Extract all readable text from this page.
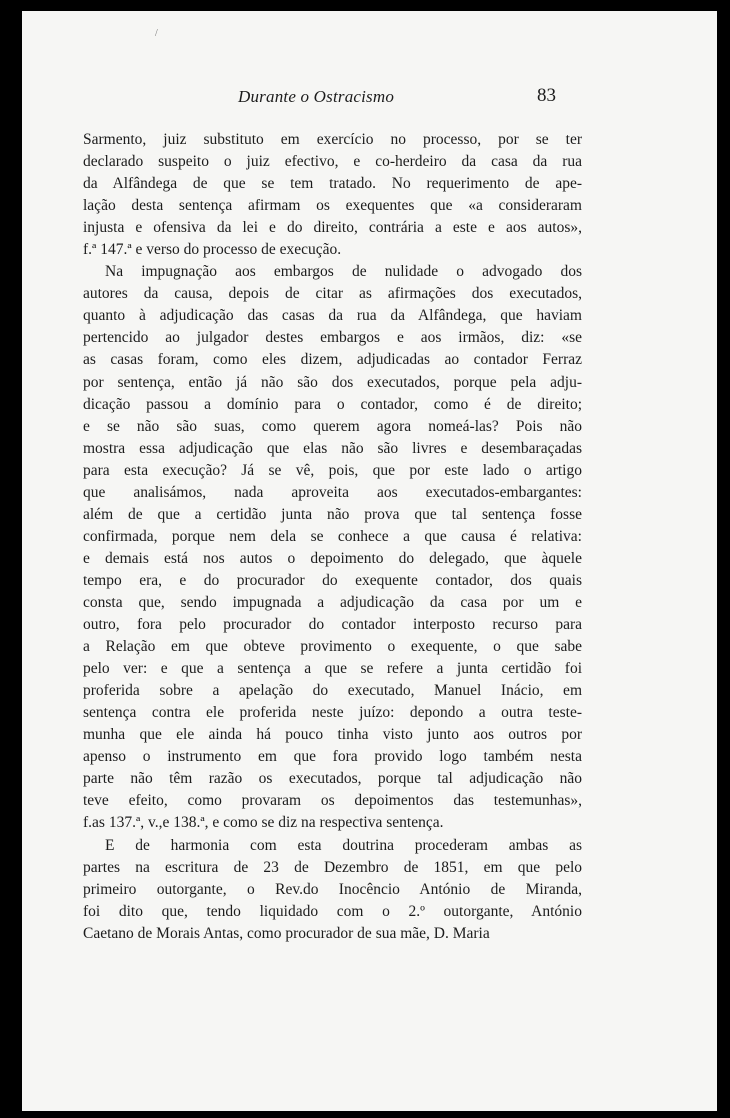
/
Durante o Ostracismo	83

Sarmento, juiz substituto em exercício no processo, por se ter
declarado suspeito o juiz efectivo, e co-herdeiro da casa da rua
da Alfândega de que se tem tratado. No requerimento de ape-
lação desta sentença afirmam os exequentes que «a consideraram
injusta e ofensiva da lei e do direito, contrária a este e aos autos»,
f.ª 147.ª e verso do processo de execução.

Na impugnação aos embargos de nulidade o advogado dos
autores da causa, depois de citar as afirmações dos executados,
quanto à adjudicação das casas da rua da Alfândega, que haviam
pertencido ao julgador destes embargos e aos irmãos, diz: «se
as casas foram, como eles dizem, adjudicadas ao contador Ferraz
por sentença, então já não são dos executados, porque pela adju-
dicação passou a domínio para o contador, como é de direito;
e se não são suas, como querem agora nomeá-las? Pois não
mostra essa adjudicação que elas não são livres e desembaraçadas
para esta execução? Já se vê, pois, que por este lado o artigo
que analisámos, nada aproveita aos executados-embargantes:
além de que a certidão junta não prova que tal sentença fosse
confirmada, porque nem dela se conhece a que causa é relativa:
e demais está nos autos o depoimento do delegado, que àquele
tempo era, e do procurador do exequente contador, dos quais
consta que, sendo impugnada a adjudicação da casa por um e
outro, fora pelo procurador do contador interposto recurso para
a Relação em que obteve provimento o exequente, o que sabe
pelo ver: e que a sentença a que se refere a junta certidão foi
proferida sobre a apelação do executado, Manuel Inácio, em
sentença contra ele proferida neste juízo: depondo a outra teste-
munha que ele ainda há pouco tinha visto junto aos outros por
apenso o instrumento em que fora provido logo também nesta
parte não têm razão os executados, porque tal adjudicação não
teve efeito, como provaram os depoimentos das testemunhas»,
f.as 137.ª, v.,e 138.ª, e como se diz na respectiva sentença.

E de harmonia com esta doutrina procederam ambas as
partes na escritura de 23 de Dezembro de 1851, em que pelo
primeiro outorgante, o Rev.do Inocêncio António de Miranda,
foi dito que, tendo liquidado com o 2.º outorgante, António
Caetano de Morais Antas, como procurador de sua mãe, D. Maria
